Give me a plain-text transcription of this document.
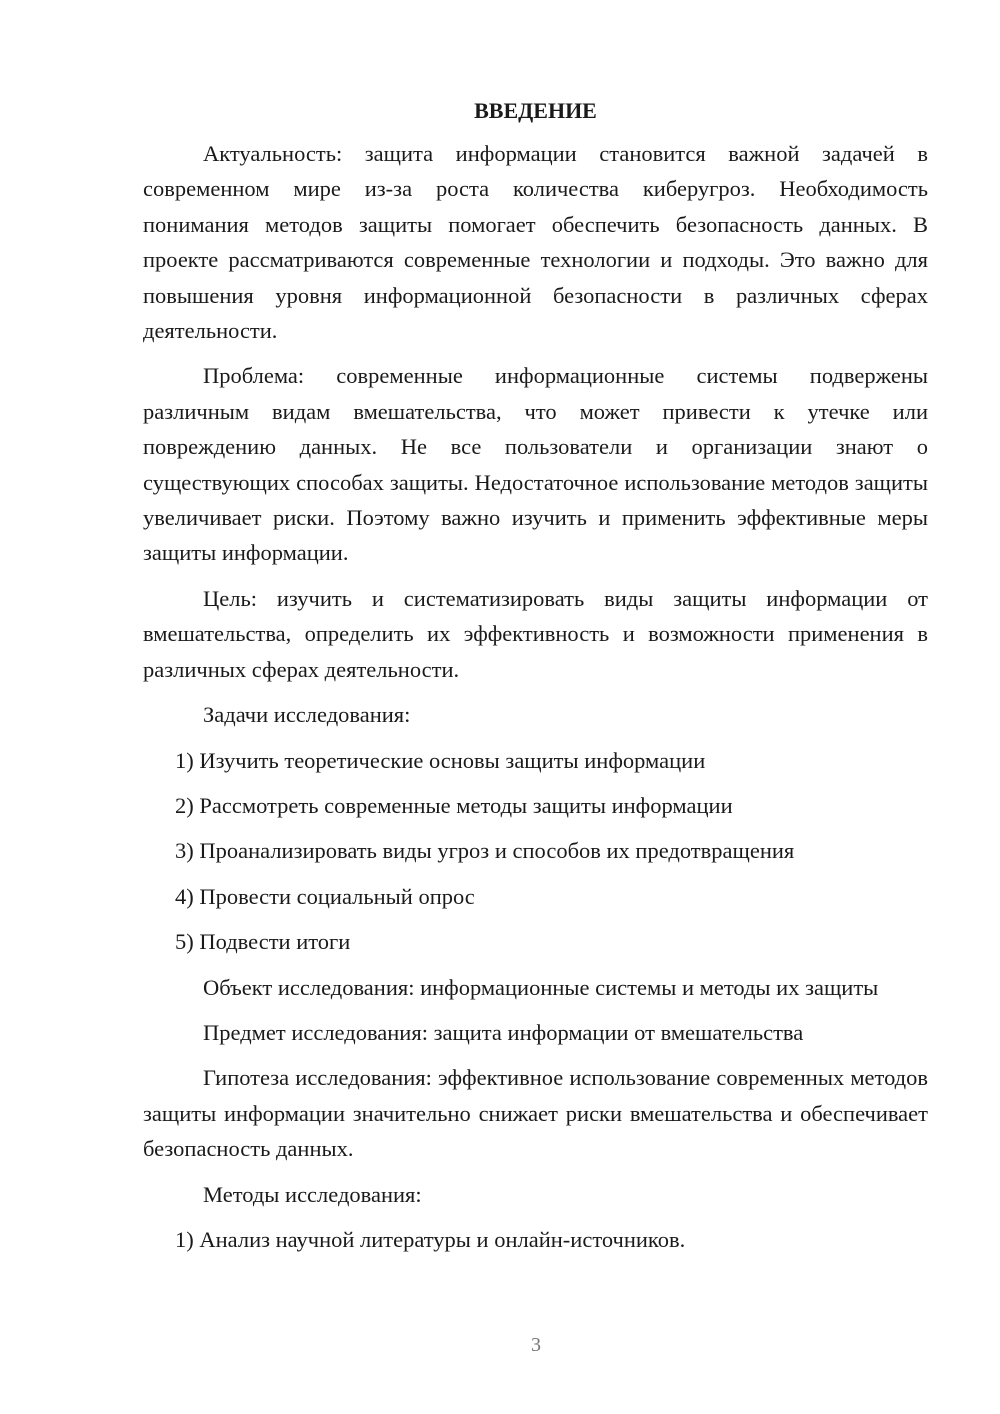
ВВЕДЕНИЕ

Актуальность: защита информации становится важной задачей в современном мире из-за роста количества киберугроз. Необходимость понимания методов защиты помогает обеспечить безопасность данных. В проекте рассматриваются современные технологии и подходы. Это важно для повышения уровня информационной безопасности в различных сферах деятельности.

Проблема: современные информационные системы подвержены различным видам вмешательства, что может привести к утечке или повреждению данных. Не все пользователи и организации знают о существующих способах защиты. Недостаточное использование методов защиты увеличивает риски. Поэтому важно изучить и применить эффективные меры защиты информации.

Цель: изучить и систематизировать виды защиты информации от вмешательства, определить их эффективность и возможности применения в различных сферах деятельности.

Задачи исследования:
1) Изучить теоретические основы защиты информации
2) Рассмотреть современные методы защиты информации
3) Проанализировать виды угроз и способов их предотвращения
4) Провести социальный опрос
5) Подвести итоги

Объект исследования: информационные системы и методы их защиты

Предмет исследования: защита информации от вмешательства

Гипотеза исследования: эффективное использование современных методов защиты информации значительно снижает риски вмешательства и обеспечивает безопасность данных.

Методы исследования:
1) Анализ научной литературы и онлайн-источников.
3
